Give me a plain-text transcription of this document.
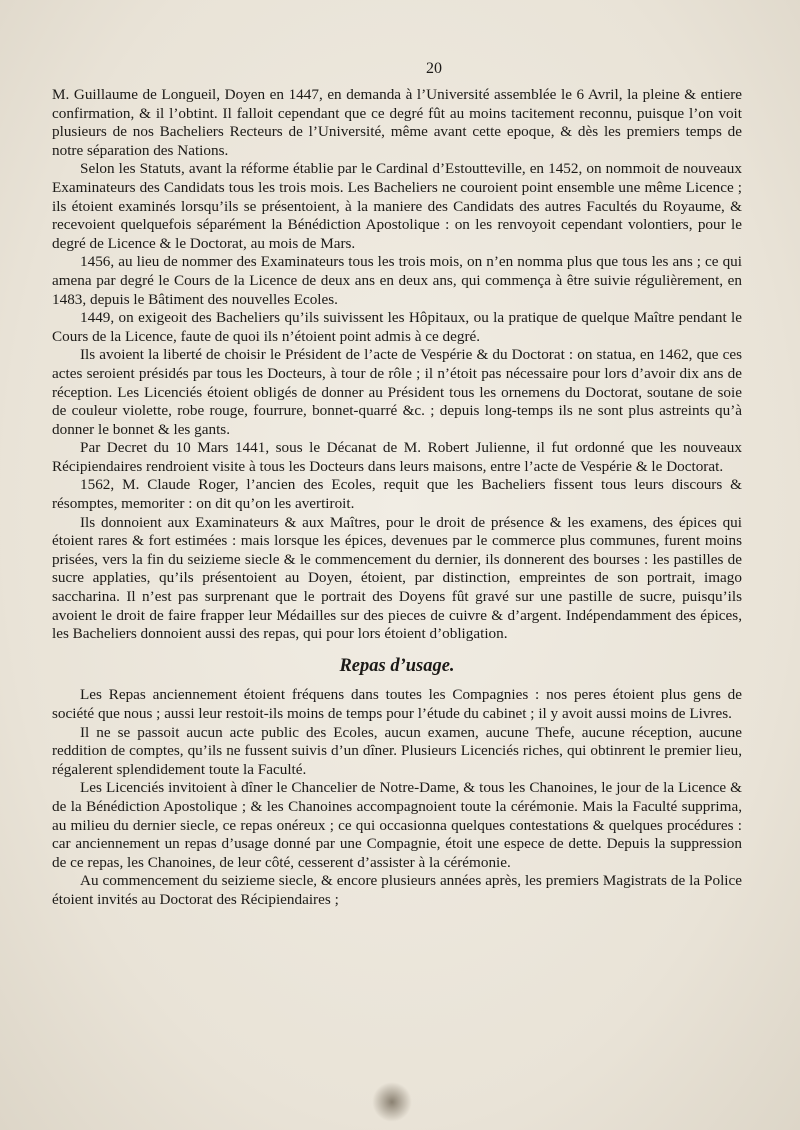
20

M. Guillaume de Longueil, Doyen en 1447, en demanda à l’Université assemblée le 6 Avril, la pleine & entiere confirmation, & il l’obtint. Il falloit cependant que ce degré fût au moins tacitement reconnu, puisque l’on voit plusieurs de nos Bacheliers Recteurs de l’Université, même avant cette epoque, & dès les premiers temps de notre séparation des Nations.

Selon les Statuts, avant la réforme établie par le Cardinal d’Estoutteville, en 1452, on nommoit de nouveaux Examinateurs des Candidats tous les trois mois. Les Bacheliers ne couroient point ensemble une même Licence ; ils étoient examinés lorsqu’ils se présentoient, à la maniere des Candidats des autres Facultés du Royaume, & recevoient quelquefois séparément la Bénédiction Apostolique : on les renvoyoit cependant volontiers, pour le degré de Licence & le Doctorat, au mois de Mars.

1456, au lieu de nommer des Examinateurs tous les trois mois, on n’en nomma plus que tous les ans ; ce qui amena par degré le Cours de la Licence de deux ans en deux ans, qui commença à être suivie régulièrement, en 1483, depuis le Bâtiment des nouvelles Ecoles.

1449, on exigeoit des Bacheliers qu’ils suivissent les Hôpitaux, ou la pratique de quelque Maître pendant le Cours de la Licence, faute de quoi ils n’étoient point admis à ce degré.

Ils avoient la liberté de choisir le Président de l’acte de Vespérie & du Doctorat : on statua, en 1462, que ces actes seroient présidés par tous les Docteurs, à tour de rôle ; il n’étoit pas nécessaire pour lors d’avoir dix ans de réception. Les Licenciés étoient obligés de donner au Président tous les ornemens du Doctorat, soutane de soie de couleur violette, robe rouge, fourrure, bonnet-quarré &c. ; depuis long-temps ils ne sont plus astreints qu’à donner le bonnet & les gants.

Par Decret du 10 Mars 1441, sous le Décanat de M. Robert Julienne, il fut ordonné que les nouveaux Récipiendaires rendroient visite à tous les Docteurs dans leurs maisons, entre l’acte de Vespérie & le Doctorat.

1562, M. Claude Roger, l’ancien des Ecoles, requit que les Bacheliers fissent tous leurs discours & résomptes, memoriter : on dit qu’on les avertiroit.

Ils donnoient aux Examinateurs & aux Maîtres, pour le droit de présence & les examens, des épices qui étoient rares & fort estimées : mais lorsque les épices, devenues par le commerce plus communes, furent moins prisées, vers la fin du seizieme siecle & le commencement du dernier, ils donnerent des bourses : les pastilles de sucre applaties, qu’ils présentoient au Doyen, étoient, par distinction, empreintes de son portrait, imago saccharina. Il n’est pas surprenant que le portrait des Doyens fût gravé sur une pastille de sucre, puisqu’ils avoient le droit de faire frapper leur Médailles sur des pieces de cuivre & d’argent. Indépendamment des épices, les Bacheliers donnoient aussi des repas, qui pour lors étoient d’obligation.

Repas d’usage.

Les Repas anciennement étoient fréquens dans toutes les Compagnies : nos peres étoient plus gens de société que nous ; aussi leur restoit-ils moins de temps pour l’étude du cabinet ; il y avoit aussi moins de Livres.

Il ne se passoit aucun acte public des Ecoles, aucun examen, aucune Thefe, aucune réception, aucune reddition de comptes, qu’ils ne fussent suivis d’un dîner. Plusieurs Licenciés riches, qui obtinrent le premier lieu, régalerent splendidement toute la Faculté.

Les Licenciés invitoient à dîner le Chancelier de Notre-Dame, & tous les Chanoines, le jour de la Licence & de la Bénédiction Apostolique ; & les Chanoines accompagnoient toute la cérémonie. Mais la Faculté supprima, au milieu du dernier siecle, ce repas onéreux ; ce qui occasionna quelques contestations & quelques procédures : car anciennement un repas d’usage donné par une Compagnie, étoit une espece de dette. Depuis la suppression de ce repas, les Chanoines, de leur côté, cesserent d’assister à la cérémonie.

Au commencement du seizieme siecle, & encore plusieurs années après, les premiers Magistrats de la Police étoient invités au Doctorat des Récipiendaires ;
